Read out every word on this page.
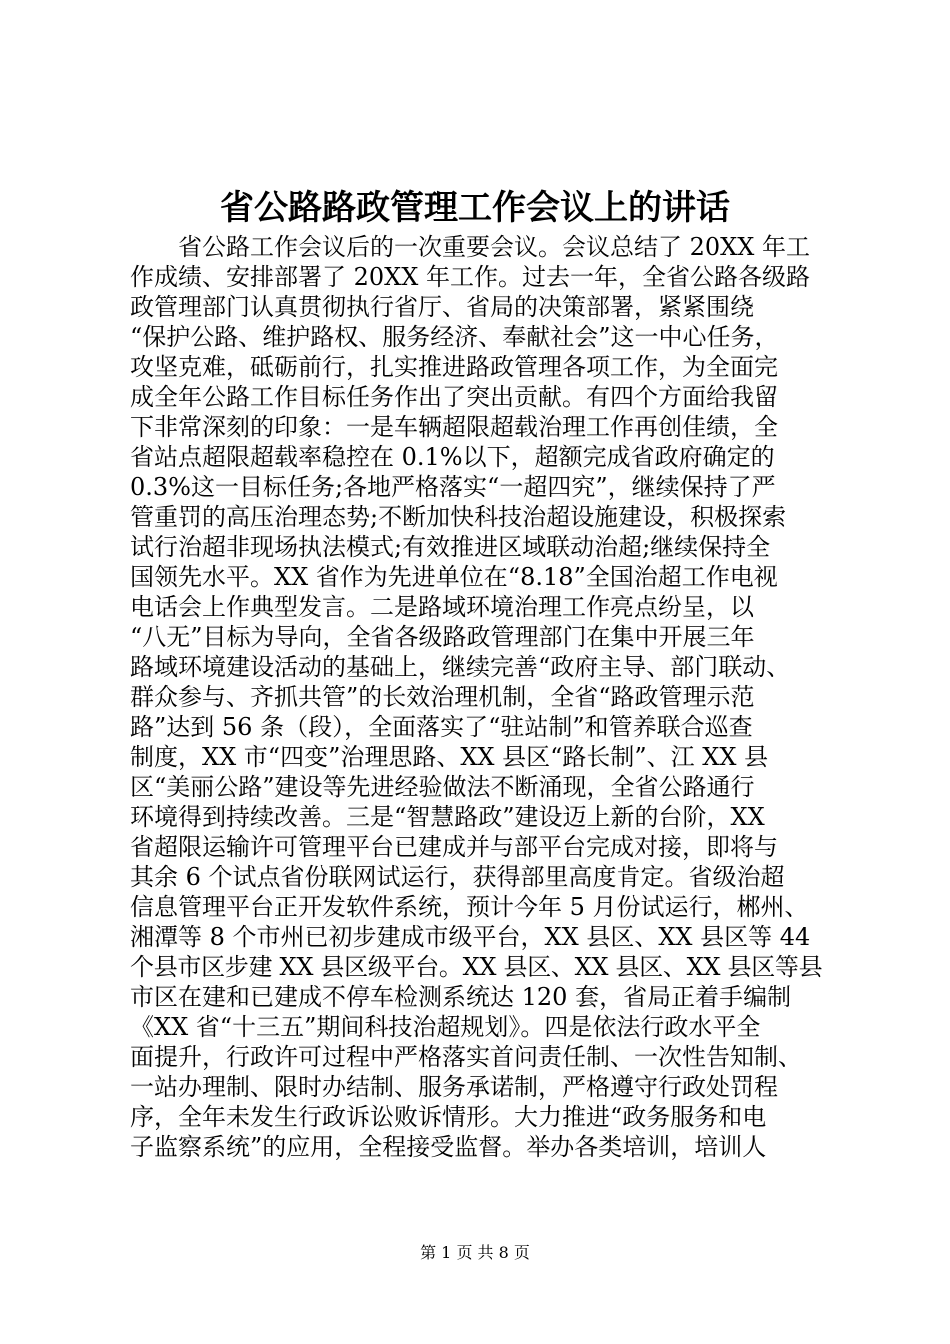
省公路路政管理工作会议上的讲话
省公路工作会议后的一次重要会议。会议总结了 20XX 年工
作成绩、安排部署了 20XX 年工作。过去一年，全省公路各级路
政管理部门认真贯彻执行省厅、省局的决策部署，紧紧围绕
“保护公路、维护路权、服务经济、奉献社会”这一中心任务，
攻坚克难，砥砺前行，扎实推进路政管理各项工作，为全面完
成全年公路工作目标任务作出了突出贡献。有四个方面给我留
下非常深刻的印象：一是车辆超限超载治理工作再创佳绩，全
省站点超限超载率稳控在 0.1%以下，超额完成省政府确定的
0.3%这一目标任务;各地严格落实“一超四究”，继续保持了严
管重罚的高压治理态势;不断加快科技治超设施建设，积极探索
试行治超非现场执法模式;有效推进区域联动治超;继续保持全
国领先水平。XX 省作为先进单位在“8.18”全国治超工作电视
电话会上作典型发言。二是路域环境治理工作亮点纷呈，以
“八无”目标为导向，全省各级路政管理部门在集中开展三年
路域环境建设活动的基础上，继续完善“政府主导、部门联动、
群众参与、齐抓共管”的长效治理机制，全省“路政管理示范
路”达到 56 条（段），全面落实了“驻站制”和管养联合巡查
制度，XX 市“四变”治理思路、XX 县区“路长制”、江 XX 县
区“美丽公路”建设等先进经验做法不断涌现，全省公路通行
环境得到持续改善。三是“智慧路政”建设迈上新的台阶，XX
省超限运输许可管理平台已建成并与部平台完成对接，即将与
其余 6 个试点省份联网试运行，获得部里高度肯定。省级治超
信息管理平台正开发软件系统，预计今年 5 月份试运行，郴州、
湘潭等 8 个市州已初步建成市级平台，XX 县区、XX 县区等 44
个县市区步建 XX 县区级平台。XX 县区、XX 县区、XX 县区等县
市区在建和已建成不停车检测系统达 120 套，省局正着手编制
《XX 省“十三五”期间科技治超规划》。四是依法行政水平全
面提升，行政许可过程中严格落实首问责任制、一次性告知制、
一站办理制、限时办结制、服务承诺制，严格遵守行政处罚程
序，全年未发生行政诉讼败诉情形。大力推进“政务服务和电
子监察系统”的应用，全程接受监督。举办各类培训，培训人
第 1 页 共 8 页
